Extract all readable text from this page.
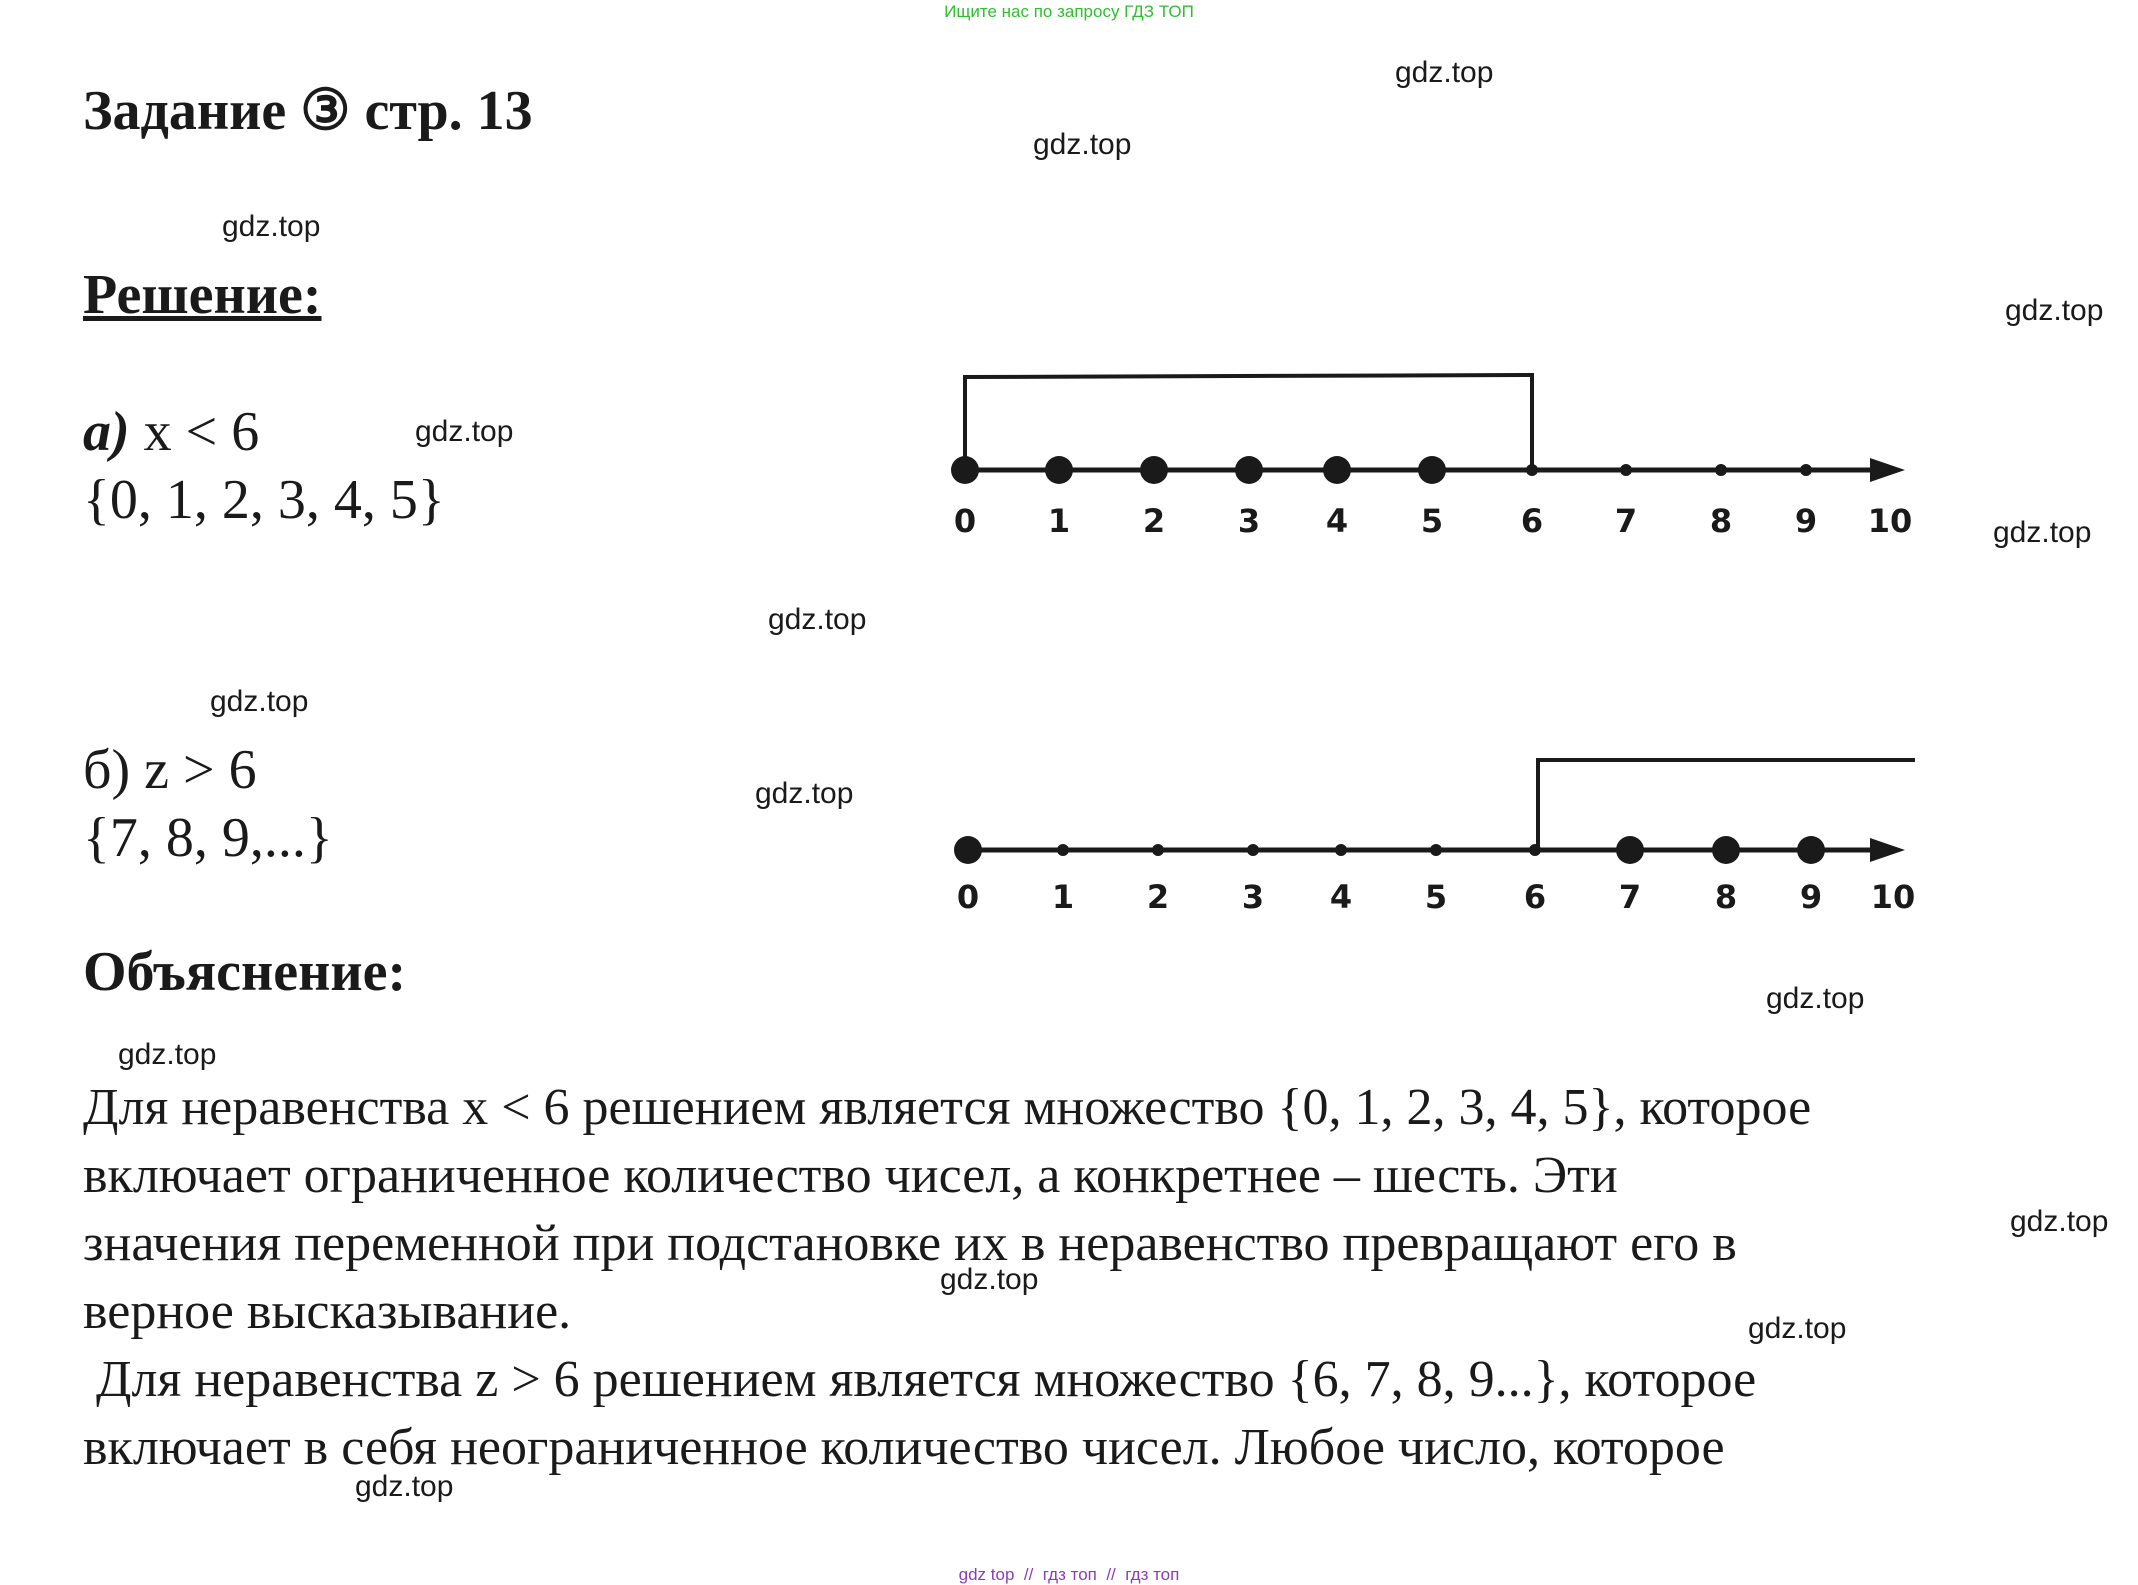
Ищите нас по запросу ГДЗ ТОП
gdz.top
gdz.top
gdz.top
gdz.top
gdz.top
gdz.top
gdz.top
gdz.top
gdz.top
gdz.top
gdz.top
gdz.top
gdz.top
gdz.top
gdz.top
Задание ③ стр. 13
Решение:
а) x < 6
{0, 1, 2, 3, 4, 5}
б) z > 6
{7, 8, 9,...}
0 1 2 3 4 5 6 7 8 9 10
0 1 2 3 4 5 6 7 8 9 10
Объяснение:
Для неравенства x < 6 решением является множество {0, 1, 2, 3, 4, 5}, которое
включает ограниченное количество чисел, а конкретнее – шесть. Эти
значения переменной при подстановке их в неравенство превращают его в
верное высказывание.
Для неравенства z > 6 решением является множество {6, 7, 8, 9...}, которое
включает в себя неограниченное количество чисел. Любое число, которое
gdz top  //  гдз топ  //  гдз топ
